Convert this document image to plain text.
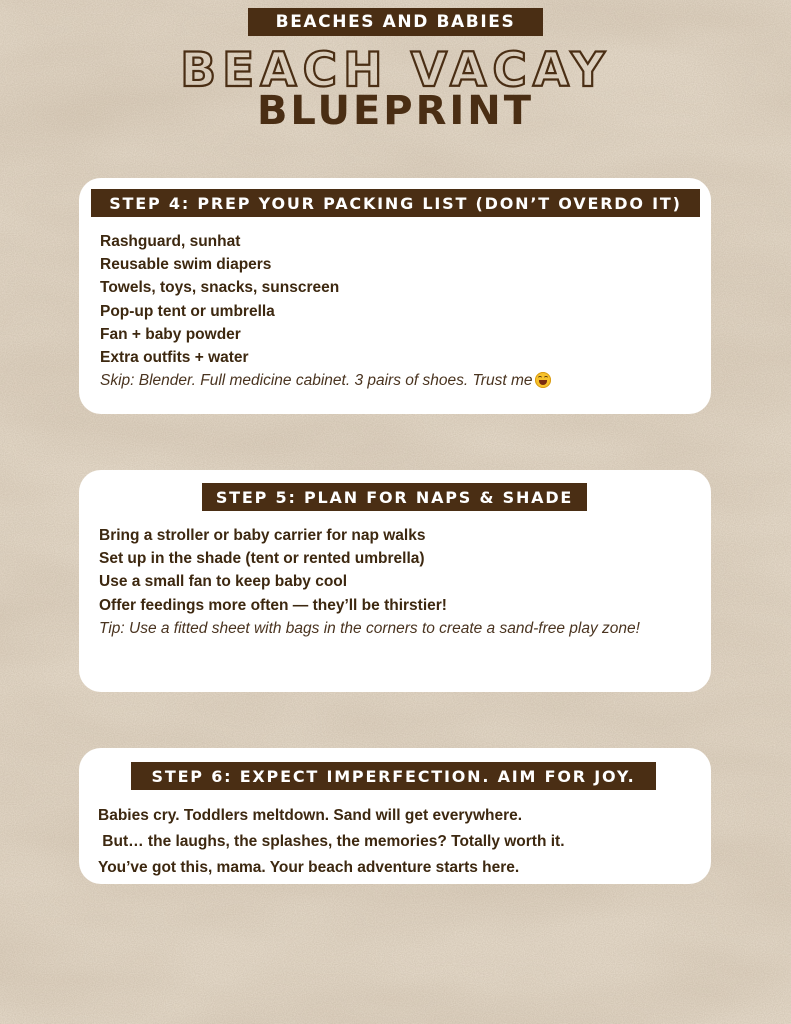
BEACHES AND BABIES
BEACH VACAY
BLUEPRINT
STEP 4: PREP YOUR PACKING LIST (DON’T OVERDO IT)
Rashguard, sunhat
Reusable swim diapers
Towels, toys, snacks, sunscreen
Pop-up tent or umbrella
Fan + baby powder
Extra outfits + water
Skip: Blender. Full medicine cabinet. 3 pairs of shoes. Trust me
STEP 5: PLAN FOR NAPS & SHADE
Bring a stroller or baby carrier for nap walks
Set up in the shade (tent or rented umbrella)
Use a small fan to keep baby cool
Offer feedings more often — they’ll be thirstier!
Tip: Use a fitted sheet with bags in the corners to create a sand-free play zone!
STEP 6: EXPECT IMPERFECTION. AIM FOR JOY.
Babies cry. Toddlers meltdown. Sand will get everywhere.
But… the laughs, the splashes, the memories? Totally worth it.
You’ve got this, mama. Your beach adventure starts here.
